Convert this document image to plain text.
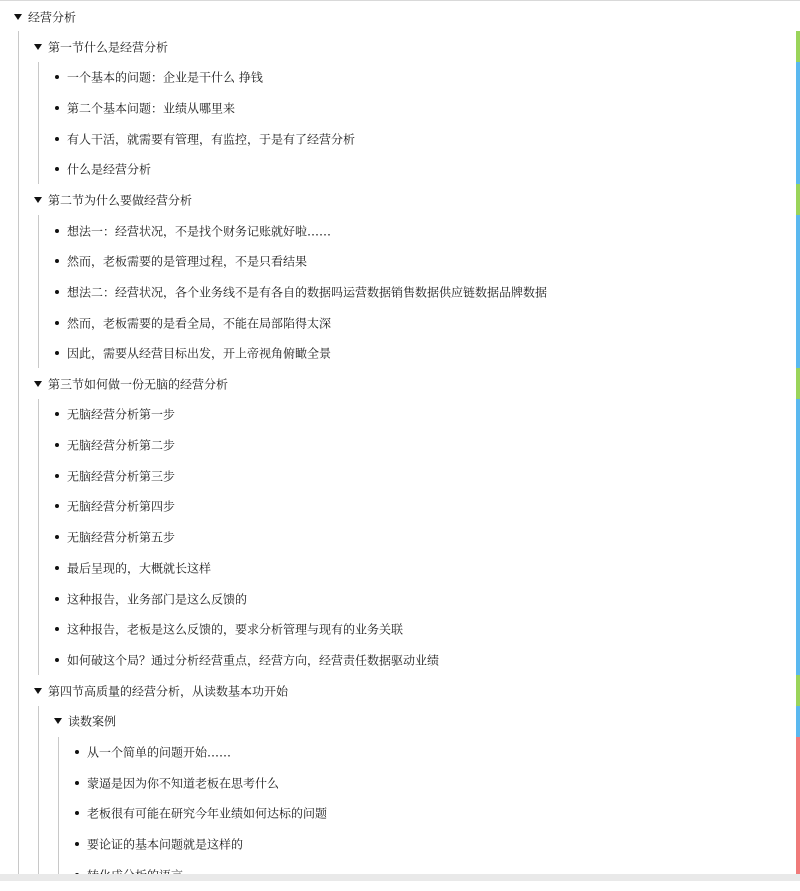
经营分析
第一节什么是经营分析
一个基本的问题：企业是干什么 挣钱
第二个基本问题：业绩从哪里来
有人干活，就需要有管理，有监控，于是有了经营分析
什么是经营分析
第二节为什么要做经营分析
想法一：经营状况，不是找个财务记账就好啦……
然而，老板需要的是管理过程，不是只看结果
想法二：经营状况，各个业务线不是有各自的数据吗运营数据销售数据供应链数据品牌数据
然而，老板需要的是看全局，不能在局部陷得太深
因此，需要从经营目标出发，开上帝视角俯瞰全景
第三节如何做一份无脑的经营分析
无脑经营分析第一步
无脑经营分析第二步
无脑经营分析第三步
无脑经营分析第四步
无脑经营分析第五步
最后呈现的，大概就长这样
这种报告，业务部门是这么反馈的
这种报告，老板是这么反馈的，要求分析管理与现有的业务关联
如何破这个局？通过分析经营重点，经营方向，经营责任数据驱动业绩
第四节高质量的经营分析，从读数基本功开始
读数案例
从一个简单的问题开始……
蒙逼是因为你不知道老板在思考什么
老板很有可能在研究今年业绩如何达标的问题
要论证的基本问题就是这样的
